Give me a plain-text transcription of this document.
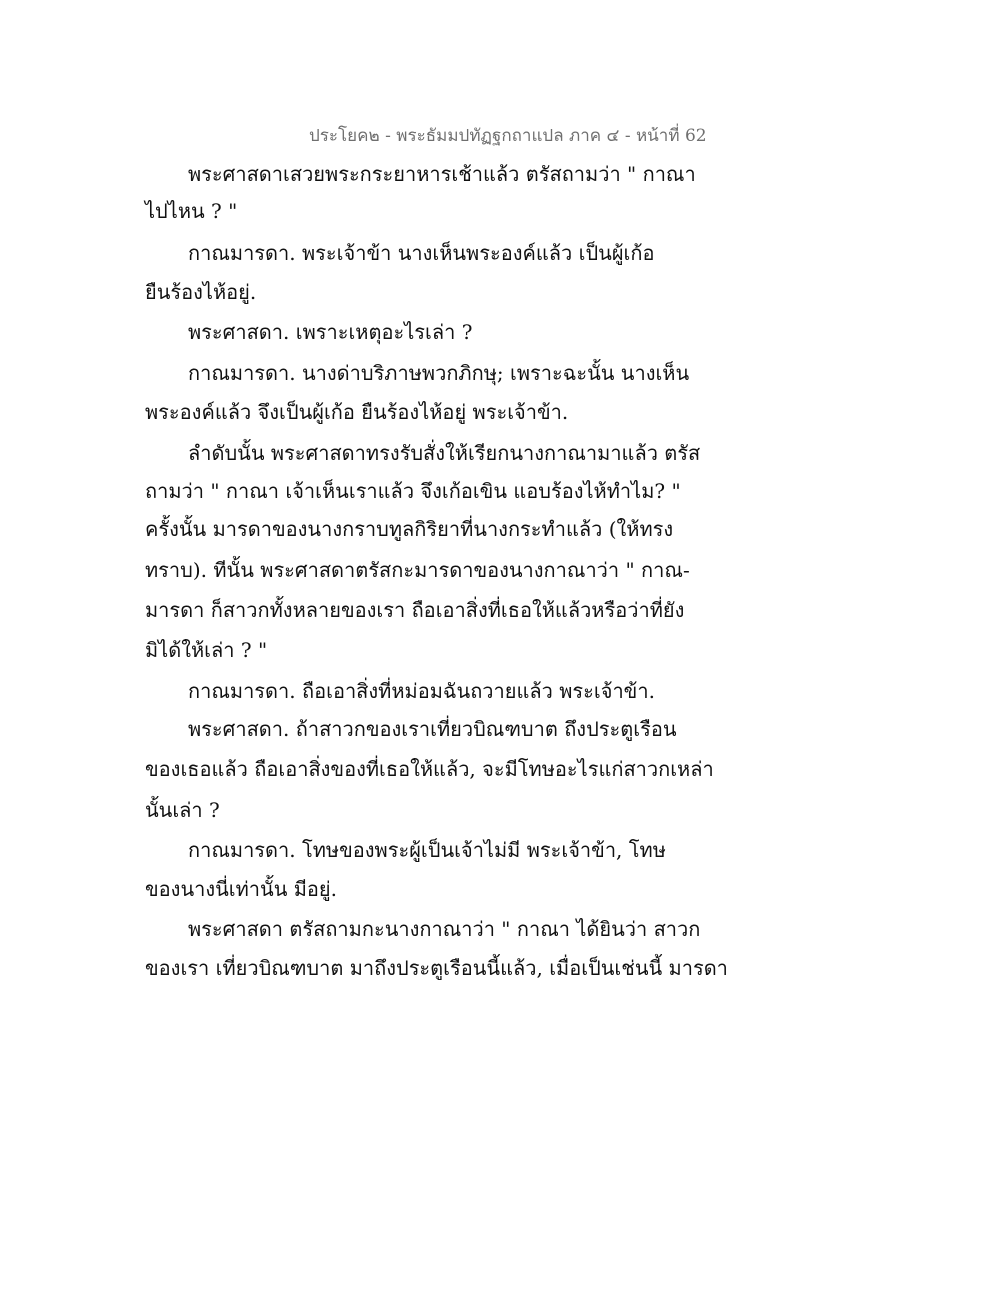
ประโยค๒ - พระธัมมปทัฏฐกถาแปล ภาค ๔ - หน้าที่ 62
พระศาสดาเสวยพระกระยาหารเช้าแล้ว ตรัสถามว่า " กาณา
ไปไหน ? "
กาณมารดา. พระเจ้าข้า นางเห็นพระองค์แล้ว เป็นผู้เก้อ
ยืนร้องไห้อยู่.
พระศาสดา. เพราะเหตุอะไรเล่า ?
กาณมารดา. นางด่าบริภาษพวกภิกษุ; เพราะฉะนั้น นางเห็น
พระองค์แล้ว จึงเป็นผู้เก้อ ยืนร้องไห้อยู่ พระเจ้าข้า.
ลำดับนั้น พระศาสดาทรงรับสั่งให้เรียกนางกาณามาแล้ว ตรัส
ถามว่า " กาณา เจ้าเห็นเราแล้ว จึงเก้อเขิน แอบร้องไห้ทำไม? "
ครั้งนั้น มารดาของนางกราบทูลกิริยาที่นางกระทำแล้ว (ให้ทรง
ทราบ). ทีนั้น พระศาสดาตรัสกะมารดาของนางกาณาว่า " กาณ-
มารดา ก็สาวกทั้งหลายของเรา ถือเอาสิ่งที่เธอให้แล้วหรือว่าที่ยัง
มิได้ให้เล่า ? "
กาณมารดา. ถือเอาสิ่งที่หม่อมฉันถวายแล้ว พระเจ้าข้า.
พระศาสดา. ถ้าสาวกของเราเที่ยวบิณฑบาต ถึงประตูเรือน
ของเธอแล้ว ถือเอาสิ่งของที่เธอให้แล้ว, จะมีโทษอะไรแก่สาวกเหล่า
นั้นเล่า ?
กาณมารดา. โทษของพระผู้เป็นเจ้าไม่มี พระเจ้าข้า, โทษ
ของนางนี่เท่านั้น มีอยู่.
พระศาสดา ตรัสถามกะนางกาณาว่า " กาณา ได้ยินว่า สาวก
ของเรา เที่ยวบิณฑบาต มาถึงประตูเรือนนี้แล้ว, เมื่อเป็นเช่นนี้ มารดา
